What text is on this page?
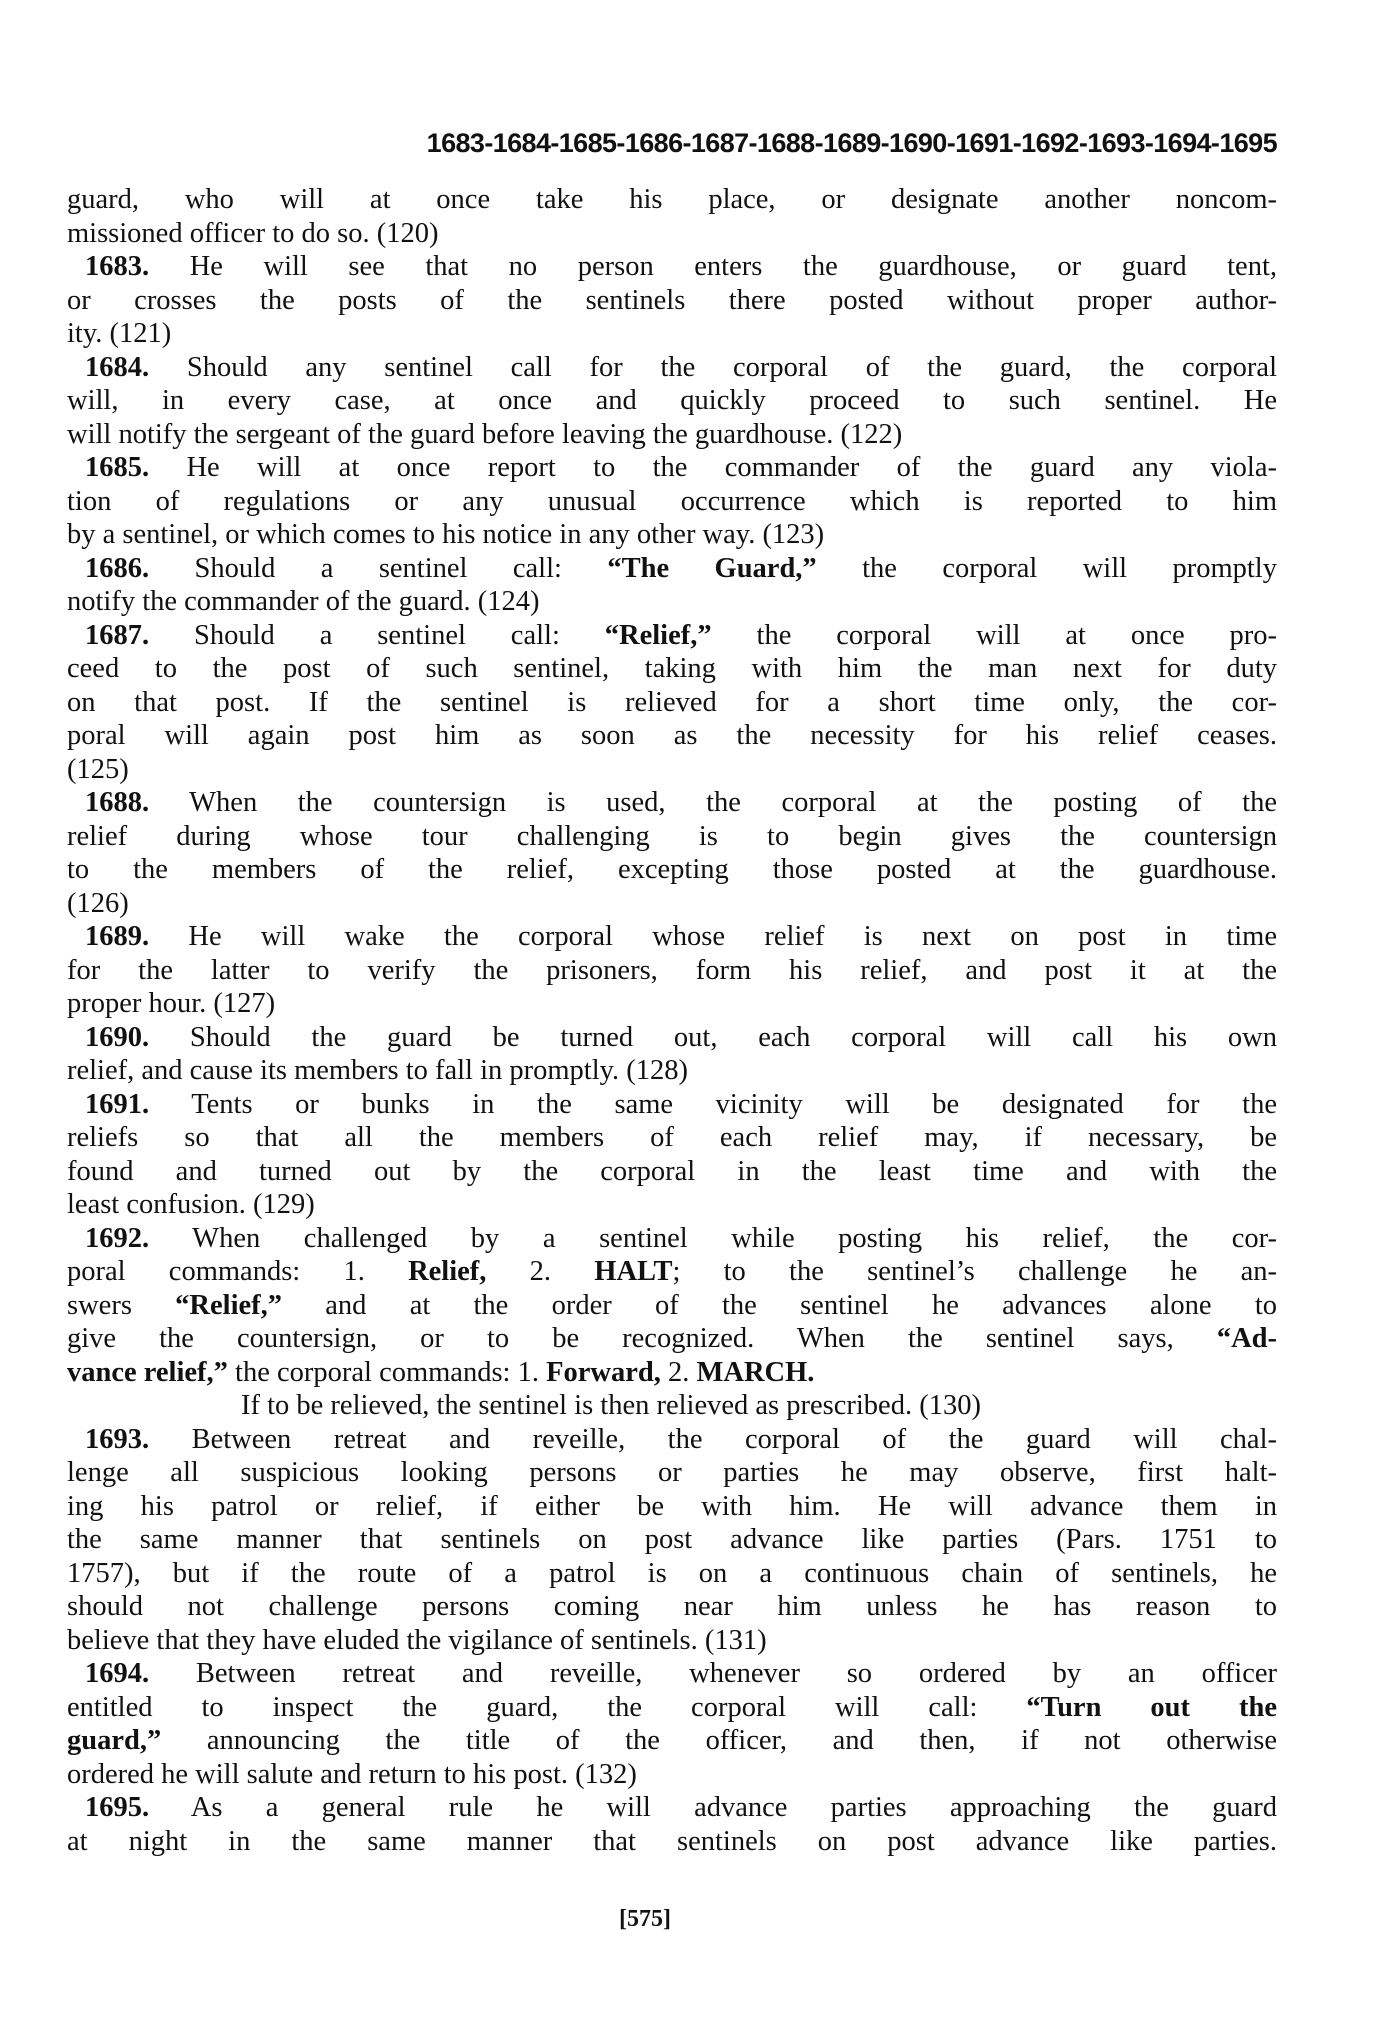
1683-1684-1685-1686-1687-1688-1689-1690-1691-1692-1693-1694-1695
guard, who will at once take his place, or designate another noncom-
missioned officer to do so. (120)
1683. He will see that no person enters the guardhouse, or guard tent,
or crosses the posts of the sentinels there posted without proper author-
ity. (121)
1684. Should any sentinel call for the corporal of the guard, the corporal
will, in every case, at once and quickly proceed to such sentinel. He
will notify the sergeant of the guard before leaving the guardhouse. (122)
1685. He will at once report to the commander of the guard any viola-
tion of regulations or any unusual occurrence which is reported to him
by a sentinel, or which comes to his notice in any other way. (123)
1686. Should a sentinel call: “The Guard,” the corporal will promptly
notify the commander of the guard. (124)
1687. Should a sentinel call: “Relief,” the corporal will at once pro-
ceed to the post of such sentinel, taking with him the man next for duty
on that post. If the sentinel is relieved for a short time only, the cor-
poral will again post him as soon as the necessity for his relief ceases.
(125)
1688. When the countersign is used, the corporal at the posting of the
relief during whose tour challenging is to begin gives the countersign
to the members of the relief, excepting those posted at the guardhouse.
(126)
1689. He will wake the corporal whose relief is next on post in time
for the latter to verify the prisoners, form his relief, and post it at the
proper hour. (127)
1690. Should the guard be turned out, each corporal will call his own
relief, and cause its members to fall in promptly. (128)
1691. Tents or bunks in the same vicinity will be designated for the
reliefs so that all the members of each relief may, if necessary, be
found and turned out by the corporal in the least time and with the
least confusion. (129)
1692. When challenged by a sentinel while posting his relief, the cor-
poral commands: 1. Relief, 2. HALT; to the sentinel’s challenge he an-
swers “Relief,” and at the order of the sentinel he advances alone to
give the countersign, or to be recognized. When the sentinel says, “Ad-
vance relief,” the corporal commands: 1. Forward, 2. MARCH.
If to be relieved, the sentinel is then relieved as prescribed. (130)
1693. Between retreat and reveille, the corporal of the guard will chal-
lenge all suspicious looking persons or parties he may observe, first halt-
ing his patrol or relief, if either be with him. He will advance them in
the same manner that sentinels on post advance like parties (Pars. 1751 to
1757), but if the route of a patrol is on a continuous chain of sentinels, he
should not challenge persons coming near him unless he has reason to
believe that they have eluded the vigilance of sentinels. (131)
1694. Between retreat and reveille, whenever so ordered by an officer
entitled to inspect the guard, the corporal will call: “Turn out the
guard,” announcing the title of the officer, and then, if not otherwise
ordered he will salute and return to his post. (132)
1695. As a general rule he will advance parties approaching the guard
at night in the same manner that sentinels on post advance like parties.
[575]
